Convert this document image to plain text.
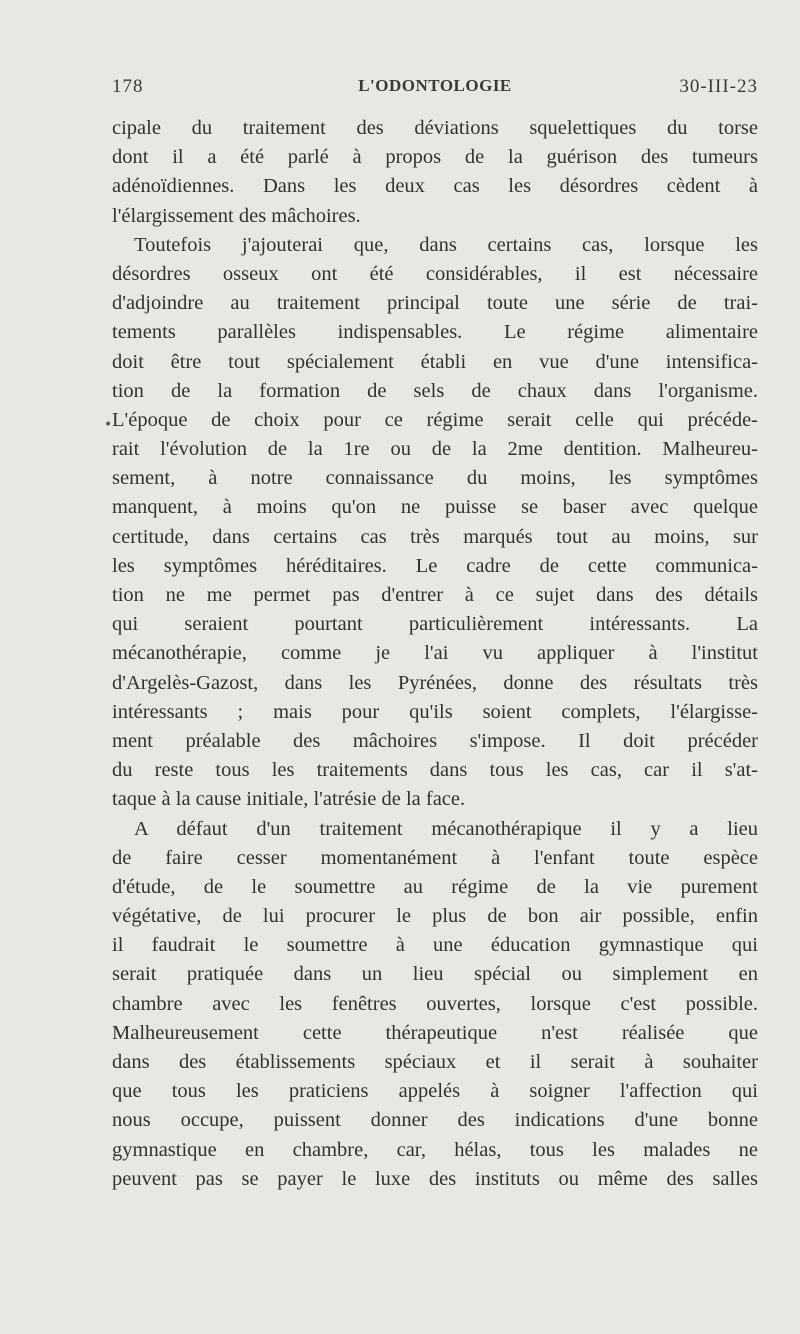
178	L'ODONTOLOGIE	30-III-23
cipale du traitement des déviations squelettiques du torse
dont il a été parlé à propos de la guérison des tumeurs
adénoïdiennes. Dans les deux cas les désordres cèdent à
l'élargissement des mâchoires.
Toutefois j'ajouterai que, dans certains cas, lorsque les
désordres osseux ont été considérables, il est nécessaire
d'adjoindre au traitement principal toute une série de trai-
tements parallèles indispensables. Le régime alimentaire
doit être tout spécialement établi en vue d'une intensifica-
tion de la formation de sels de chaux dans l'organisme.
L'époque de choix pour ce régime serait celle qui précéde-
rait l'évolution de la 1re ou de la 2me dentition. Malheureu-
sement, à notre connaissance du moins, les symptômes
manquent, à moins qu'on ne puisse se baser avec quelque
certitude, dans certains cas très marqués tout au moins, sur
les symptômes héréditaires. Le cadre de cette communica-
tion ne me permet pas d'entrer à ce sujet dans des détails
qui seraient pourtant particulièrement intéressants. La
mécanothérapie, comme je l'ai vu appliquer à l'institut
d'Argelès-Gazost, dans les Pyrénées, donne des résultats très
intéressants ; mais pour qu'ils soient complets, l'élargisse-
ment préalable des mâchoires s'impose. Il doit précéder
du reste tous les traitements dans tous les cas, car il s'at-
taque à la cause initiale, l'atrésie de la face.
A défaut d'un traitement mécanothérapique il y a lieu
de faire cesser momentanément à l'enfant toute espèce
d'étude, de le soumettre au régime de la vie purement
végétative, de lui procurer le plus de bon air possible, enfin
il faudrait le soumettre à une éducation gymnastique qui
serait pratiquée dans un lieu spécial ou simplement en
chambre avec les fenêtres ouvertes, lorsque c'est possible.
Malheureusement cette thérapeutique n'est réalisée que
dans des établissements spéciaux et il serait à souhaiter
que tous les praticiens appelés à soigner l'affection qui
nous occupe, puissent donner des indications d'une bonne
gymnastique en chambre, car, hélas, tous les malades ne
peuvent pas se payer le luxe des instituts ou même des salles
•
